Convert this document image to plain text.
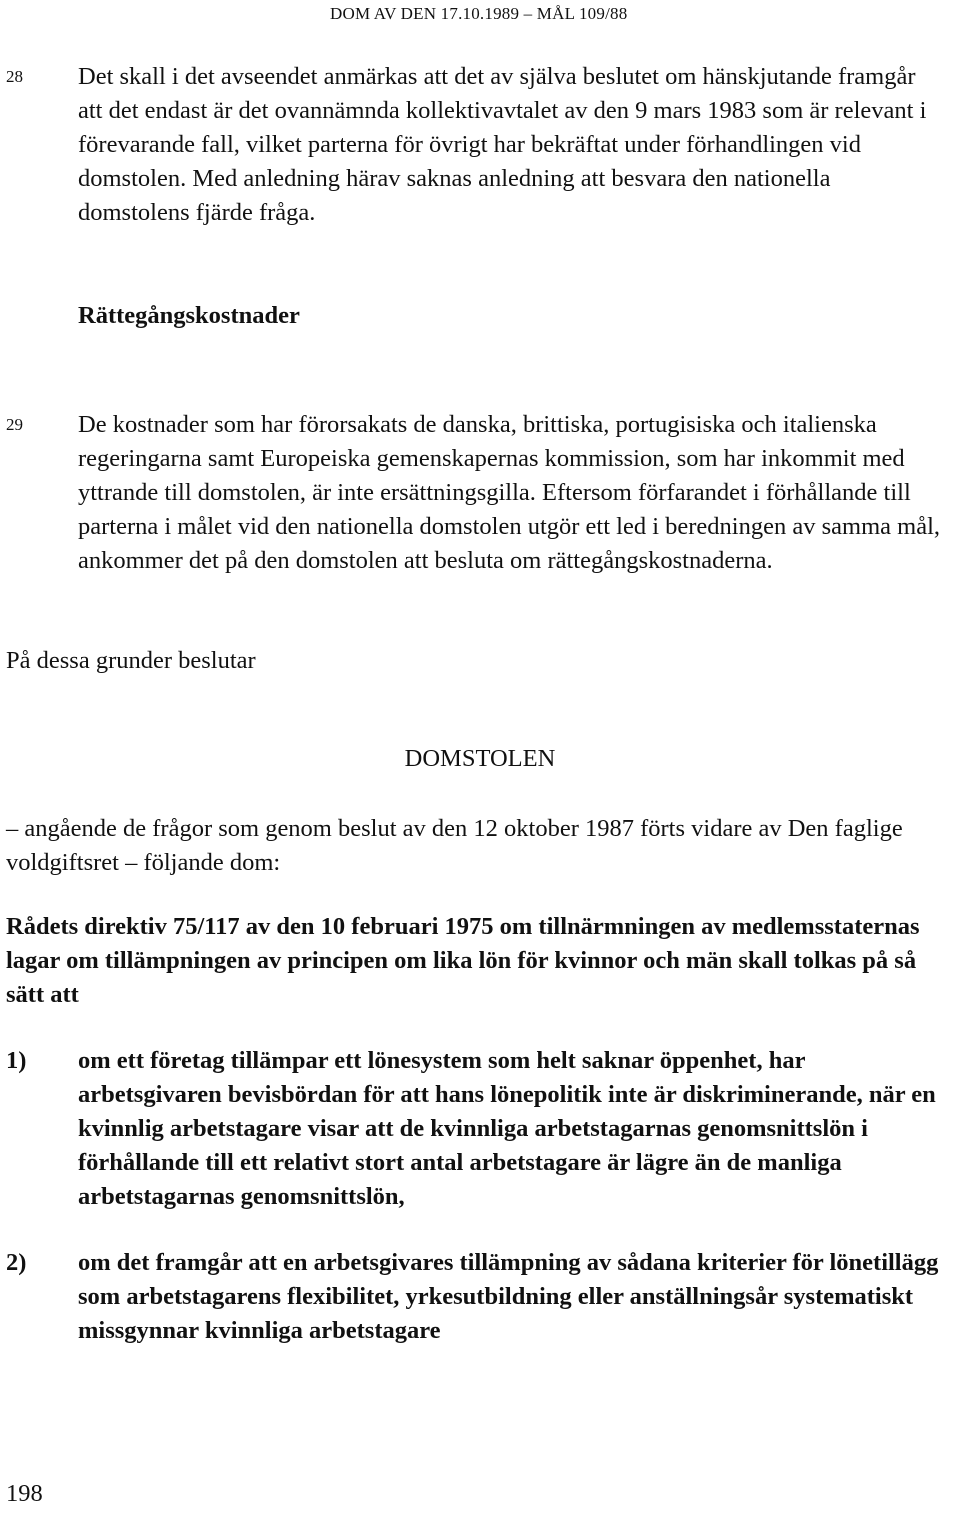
DOM AV DEN 17.10.1989 – MÅL 109/88
28 Det skall i det avseendet anmärkas att det av själva beslutet om hänskjutande framgår att det endast är det ovannämnda kollektivavtalet av den 9 mars 1983 som är relevant i förevarande fall, vilket parterna för övrigt har bekräftat under förhandlingen vid domstolen. Med anledning härav saknas anledning att besvara den nationella domstolens fjärde fråga.
Rättegångskostnader
29 De kostnader som har förorsakats de danska, brittiska, portugisiska och italienska regeringarna samt Europeiska gemenskapernas kommission, som har inkommit med yttrande till domstolen, är inte ersättningsgilla. Eftersom förfarandet i förhållande till parterna i målet vid den nationella domstolen utgör ett led i beredningen av samma mål, ankommer det på den domstolen att besluta om rättegångskostnaderna.
På dessa grunder beslutar
DOMSTOLEN
– angående de frågor som genom beslut av den 12 oktober 1987 förts vidare av Den faglige voldgiftsret – följande dom:
Rådets direktiv 75/117 av den 10 februari 1975 om tillnärmningen av medlemsstaternas lagar om tillämpningen av principen om lika lön för kvinnor och män skall tolkas på så sätt att
1) om ett företag tillämpar ett lönesystem som helt saknar öppenhet, har arbetsgivaren bevisbördan för att hans lönepolitik inte är diskriminerande, när en kvinnlig arbetstagare visar att de kvinnliga arbetstagarnas genomsnittslön i förhållande till ett relativt stort antal arbetstagare är lägre än de manliga arbetstagarnas genomsnittslön,
2) om det framgår att en arbetsgivares tillämpning av sådana kriterier för lönetillägg som arbetstagarens flexibilitet, yrkesutbildning eller anställningsår systematiskt missgynnar kvinnliga arbetstagare
198
